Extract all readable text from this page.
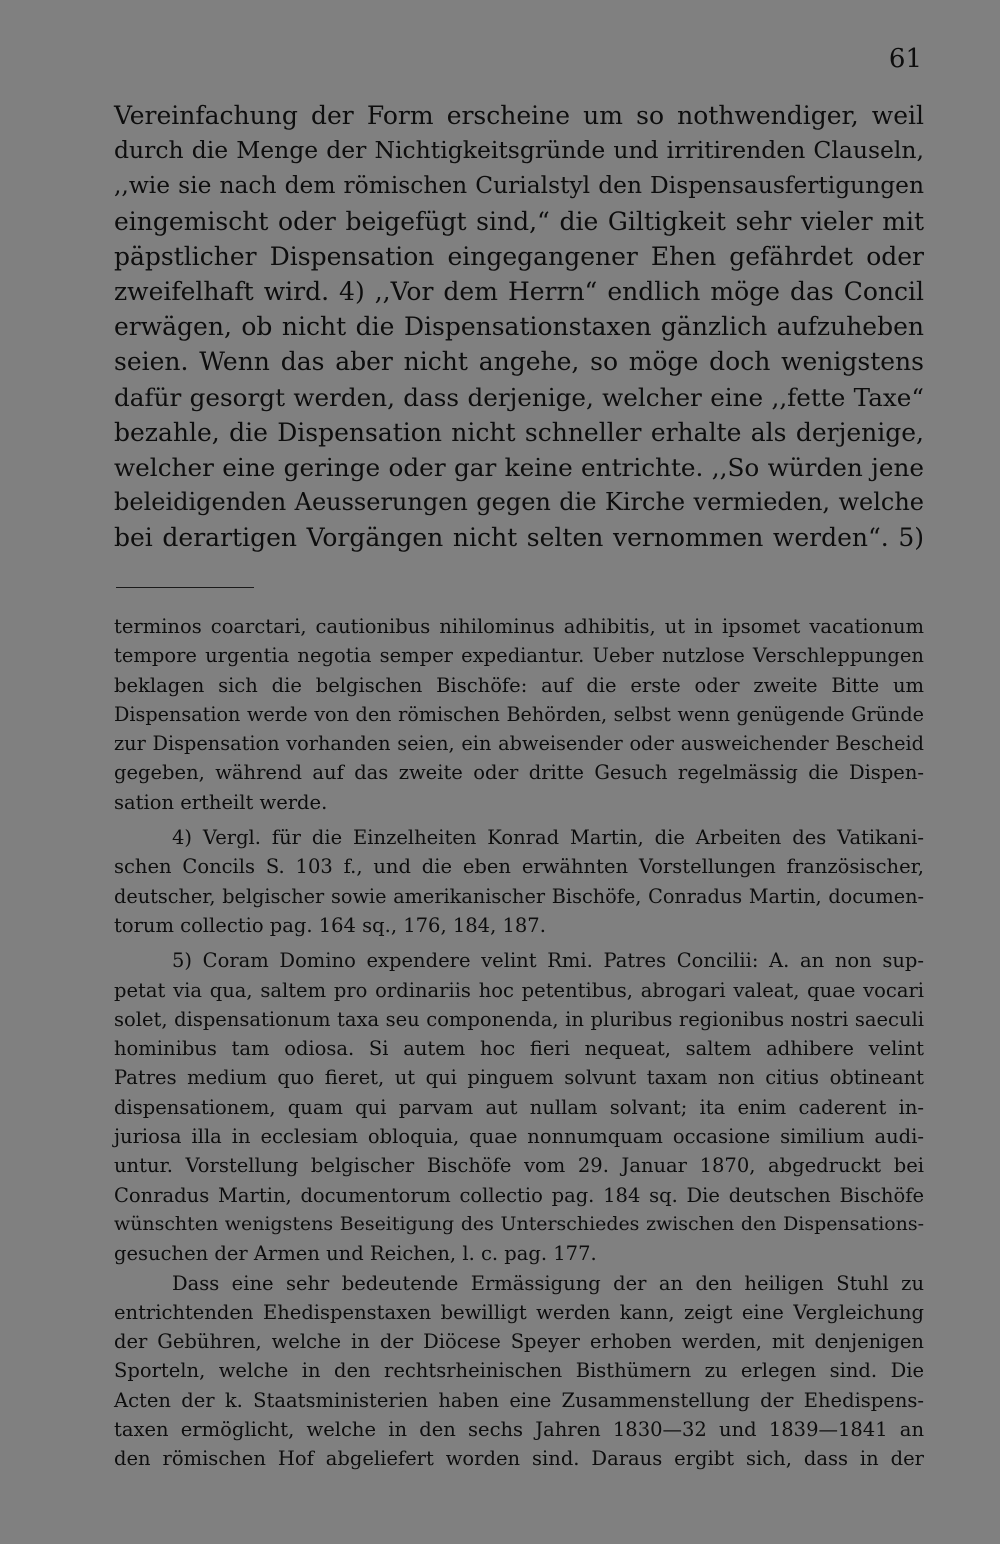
61
Vereinfachung der Form erscheine um so nothwendiger, weil
durch die Menge der Nichtigkeitsgründe und irritirenden Clauseln,
,,wie sie nach dem römischen Curialstyl den Dispensausfertigungen
eingemischt oder beigefügt sind,“ die Giltigkeit sehr vieler mit
päpstlicher Dispensation eingegangener Ehen gefährdet oder
zweifelhaft wird. 4) ,,Vor dem Herrn“ endlich möge das Concil
erwägen, ob nicht die Dispensationstaxen gänzlich aufzuheben
seien. Wenn das aber nicht angehe, so möge doch wenigstens
dafür gesorgt werden, dass derjenige, welcher eine ,,fette Taxe“
bezahle, die Dispensation nicht schneller erhalte als derjenige,
welcher eine geringe oder gar keine entrichte. ,,So würden jene
beleidigenden Aeusserungen gegen die Kirche vermieden, welche
bei derartigen Vorgängen nicht selten vernommen werden“. 5)
terminos coarctari, cautionibus nihilominus adhibitis, ut in ipsomet vacationum
tempore urgentia negotia semper expediantur. Ueber nutzlose Verschleppungen
beklagen sich die belgischen Bischöfe: auf die erste oder zweite Bitte um
Dispensation werde von den römischen Behörden, selbst wenn genügende Gründe
zur Dispensation vorhanden seien, ein abweisender oder ausweichender Bescheid
gegeben, während auf das zweite oder dritte Gesuch regelmässig die Dispen-
sation ertheilt werde.
4) Vergl. für die Einzelheiten Konrad Martin, die Arbeiten des Vatikani-
schen Concils S. 103 f., und die eben erwähnten Vorstellungen französischer,
deutscher, belgischer sowie amerikanischer Bischöfe, Conradus Martin, documen-
torum collectio pag. 164 sq., 176, 184, 187.
5) Coram Domino expendere velint Rmi. Patres Concilii: A. an non sup-
petat via qua, saltem pro ordinariis hoc petentibus, abrogari valeat, quae vocari
solet, dispensationum taxa seu componenda, in pluribus regionibus nostri saeculi
hominibus tam odiosa. Si autem hoc fieri nequeat, saltem adhibere velint
Patres medium quo fieret, ut qui pinguem solvunt taxam non citius obtineant
dispensationem, quam qui parvam aut nullam solvant; ita enim caderent in-
juriosa illa in ecclesiam obloquia, quae nonnumquam occasione similium audi-
untur. Vorstellung belgischer Bischöfe vom 29. Januar 1870, abgedruckt bei
Conradus Martin, documentorum collectio pag. 184 sq. Die deutschen Bischöfe
wünschten wenigstens Beseitigung des Unterschiedes zwischen den Dispensations-
gesuchen der Armen und Reichen, l. c. pag. 177.
Dass eine sehr bedeutende Ermässigung der an den heiligen Stuhl zu
entrichtenden Ehedispenstaxen bewilligt werden kann, zeigt eine Vergleichung
der Gebühren, welche in der Diöcese Speyer erhoben werden, mit denjenigen
Sporteln, welche in den rechtsrheinischen Bisthümern zu erlegen sind. Die
Acten der k. Staatsministerien haben eine Zusammenstellung der Ehedispens-
taxen ermöglicht, welche in den sechs Jahren 1830—32 und 1839—1841 an
den römischen Hof abgeliefert worden sind. Daraus ergibt sich, dass in der
